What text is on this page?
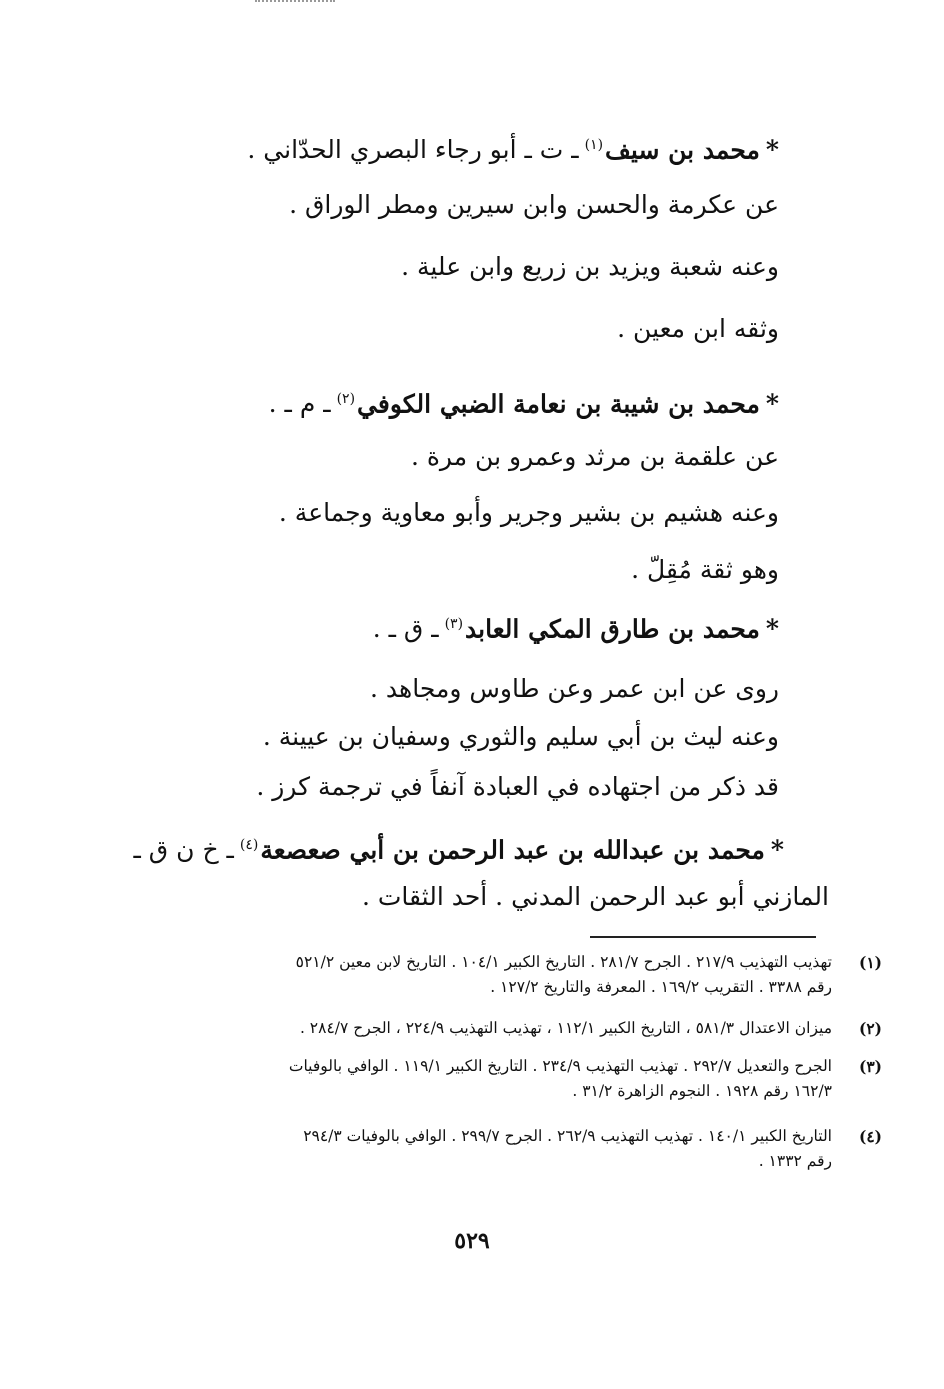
*محمد بن سيف$^{(١)}$ـ ت ـ أبو رجاء البصري الحدّاني .
عن عكرمة والحسن وابن سيرين ومطر الوراق .
وعنه شعبة ويزيد بن زريع وابن علية .
وثقه ابن معين .
*محمد بن شيبة بن نعامة الضبي الكوفي$^{(٢)}$ـ م ـ .
عن علقمة بن مرثد وعمرو بن مرة .
وعنه هشيم بن بشير وجرير وأبو معاوية وجماعة .
وهو ثقة مُقِلّ .
*محمد بن طارق المكي العابد$^{(٣)}$ـ ق ـ .
روى عن ابن عمر وعن طاوس ومجاهد .
وعنه ليث بن أبي سليم والثوري وسفيان بن عيينة .
قد ذكر من اجتهاده في العبادة آنفاً في ترجمة كرز .
*محمد بن عبدالله بن عبد الرحمن بن أبي صعصعة$^{(٤)}$ـ خ ن ق ـ
المازني أبو عبد الرحمن المدني . أحد الثقات .
(١)
تهذيب التهذيب ٢١٧/٩ . الجرح ٢٨١/٧ . التاريخ الكبير ١٠٤/١ . التاريخ لابن معين ٥٢١/٢
رقم ٣٣٨٨ . التقريب ١٦٩/٢ . المعرفة والتاريخ ١٢٧/٢ .
(٢)
ميزان الاعتدال ٥٨١/٣ ، التاريخ الكبير ١١٢/١ ، تهذيب التهذيب ٢٢٤/٩ ، الجرح ٢٨٤/٧ .
(٣)
الجرح والتعديل ٢٩٢/٧ . تهذيب التهذيب ٢٣٤/٩ . التاريخ الكبير ١١٩/١ . الوافي بالوفيات
١٦٢/٣ رقم ١٩٢٨ . النجوم الزاهرة ٣١/٢ .
(٤)
التاريخ الكبير ١٤٠/١ . تهذيب التهذيب ٢٦٢/٩ . الجرح ٢٩٩/٧ . الوافي بالوفيات ٢٩٤/٣
رقم ١٣٣٢ .
٥٢٩
